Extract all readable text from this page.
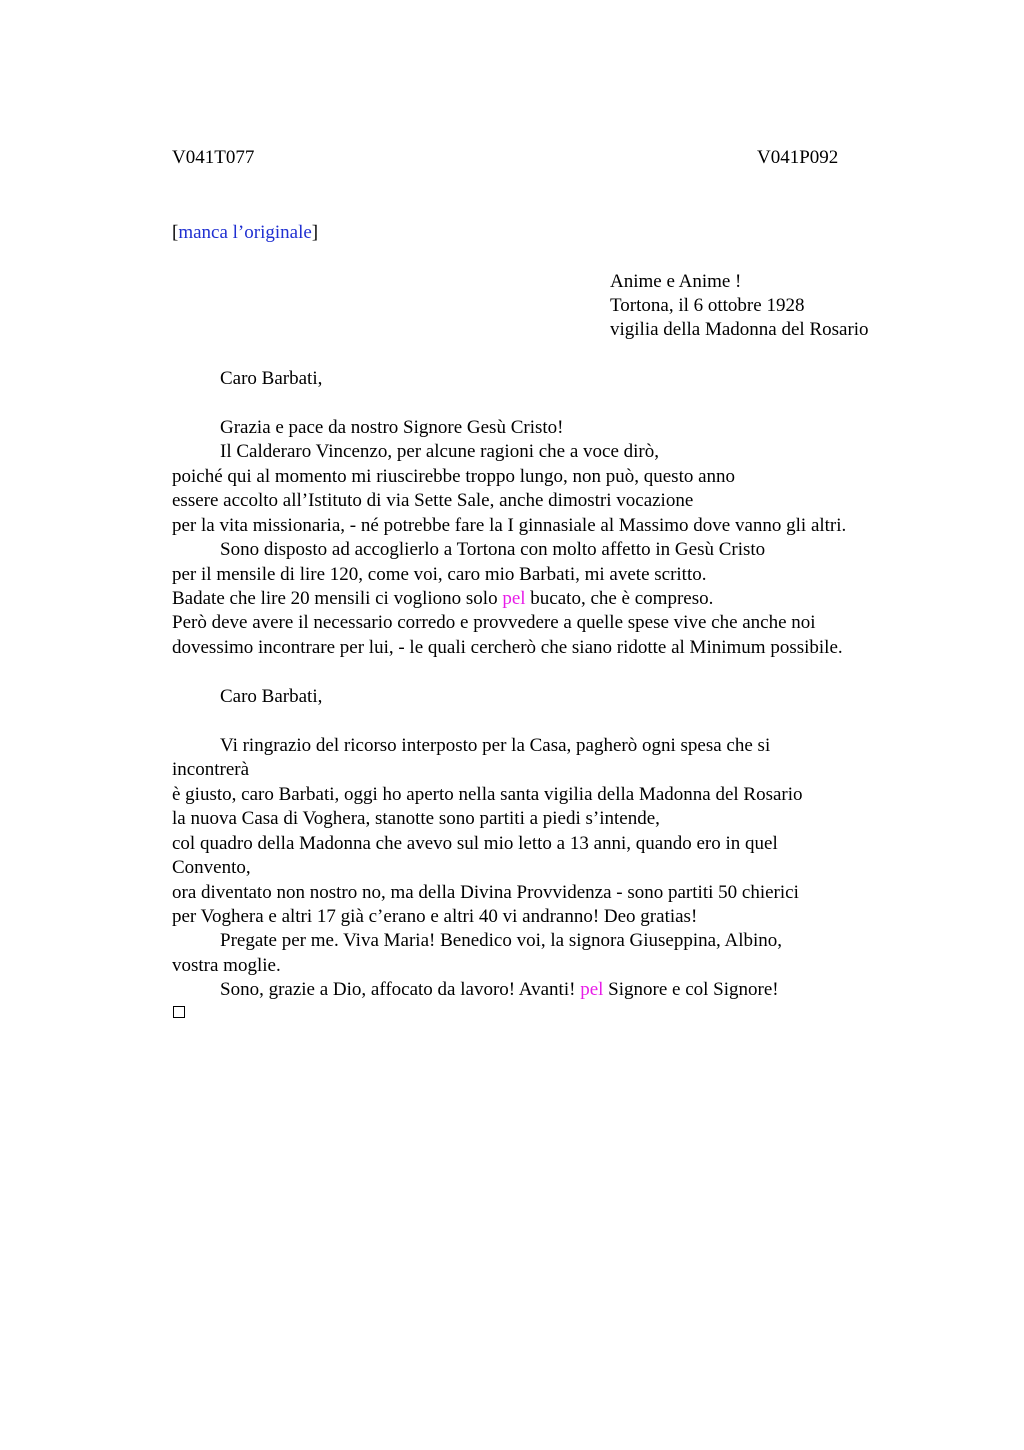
V041T077	V041P092
[manca l’originale]
Anime e Anime !
Tortona, il 6 ottobre 1928
vigilia della Madonna del Rosario
Caro Barbati,
Grazia e pace da nostro Signore Gesù Cristo!
Il Calderaro Vincenzo, per alcune ragioni che a voce dirò,
poiché qui al momento mi riuscirebbe troppo lungo, non può, questo anno
essere accolto all’Istituto di via Sette Sale, anche dimostri vocazione
per la vita missionaria, - né potrebbe fare la I ginnasiale al Massimo dove vanno gli altri.
Sono disposto ad accoglierlo a Tortona con molto affetto in Gesù Cristo
per il mensile di lire 120, come voi, caro mio Barbati, mi avete scritto.
Badate che lire 20 mensili ci vogliono solo pel bucato, che è compreso.
Però deve avere il necessario corredo e provvedere a quelle spese vive che anche noi
dovessimo incontrare per lui, - le quali cercherò che siano ridotte al Minimum possibile.
Caro Barbati,
Vi ringrazio del ricorso interposto per la Casa, pagherò ogni spesa che si
incontrerà
è giusto, caro Barbati, oggi ho aperto nella santa vigilia della Madonna del Rosario
la nuova Casa di Voghera, stanotte sono partiti a piedi s’intende,
col quadro della Madonna che avevo sul mio letto a 13 anni, quando ero in quel
Convento,
ora diventato non nostro no, ma della Divina Provvidenza - sono partiti 50 chierici
per Voghera e altri 17 già c’erano e altri 40 vi andranno! Deo gratias!
Pregate per me. Viva Maria! Benedico voi, la signora Giuseppina, Albino,
vostra moglie.
Sono, grazie a Dio, affocato da lavoro! Avanti! pel Signore e col Signore!
